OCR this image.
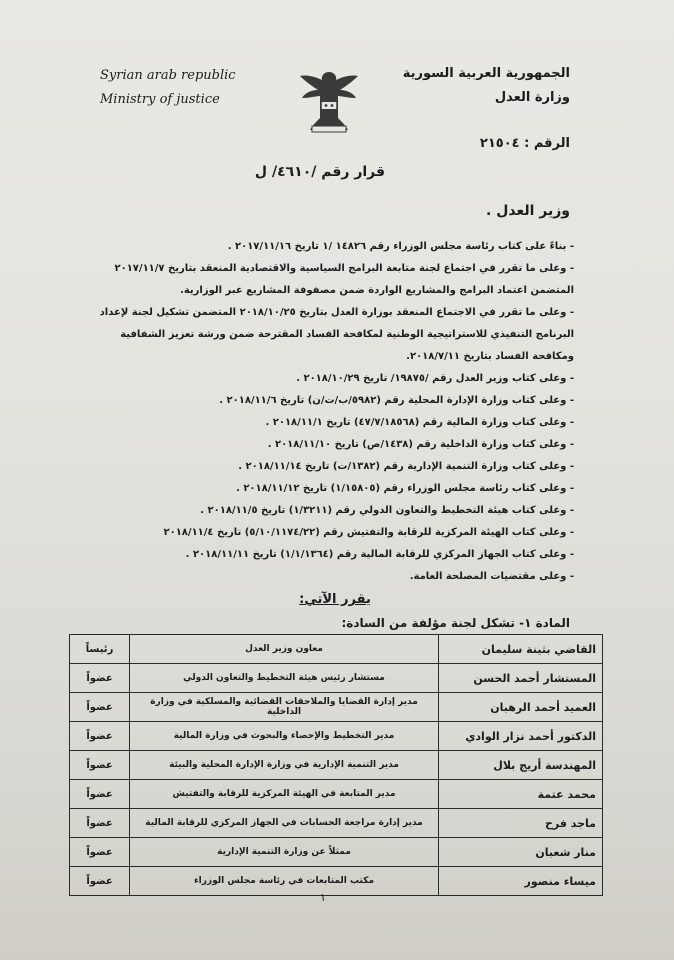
Syrian arab republic
Ministry of justice
الجمهورية العربية السورية
وزارة العدل
الرقم : ٢١٥٠٤
قرار رقم /٤٦١٠/ ل
وزير العدل .

- بناءً على كتاب رئاسة مجلس الوزراء رقم ١٤٨٢٦ /١ تاريخ ٢٠١٧/١١/١٦ .

- وعلى ما تقرر في اجتماع لجنة متابعة البرامج السياسية والاقتصادية المنعقد بتاريخ ٢٠١٧/١١/٧ المتضمن اعتماد البرامج والمشاريع الواردة ضمن مصفوفة المشاريع عبر الوزارية.

- وعلى ما تقرر في الاجتماع المنعقد بوزارة العدل بتاريخ ٢٠١٨/١٠/٢٥ المتضمن تشكيل لجنة لإعداد البرنامج التنفيذي للاستراتيجية الوطنية لمكافحة الفساد المقترحة ضمن ورشة تعزيز الشفافية ومكافحة الفساد بتاريخ ٢٠١٨/٧/١١.

- وعلى كتاب وزير العدل رقم /١٩٨٧٥/ تاريخ ٢٠١٨/١٠/٢٩ .

- وعلى كتاب وزارة الإدارة المحلية رقم (٥٩٨٢/ب/ت/ن) تاريخ ٢٠١٨/١١/٦ .

- وعلى كتاب وزارة المالية رقم (٤٧/٧/١٨٥٦٨) تاريخ ٢٠١٨/١١/١ .

- وعلى كتاب وزارة الداخلية رقم (١٤٣٨/ص) تاريخ ٢٠١٨/١١/١٠ .

- وعلى كتاب وزارة التنمية الإدارية رقم (١٣٨٢/ت) تاريخ ٢٠١٨/١١/١٤ .

- وعلى كتاب رئاسة مجلس الوزراء رقم (١/١٥٨٠٥) تاريخ ٢٠١٨/١١/١٢ .

- وعلى كتاب هيئة التخطيط والتعاون الدولي رقم (١/٣٢١١) تاريخ ٢٠١٨/١١/٥ .

- وعلى كتاب الهيئة المركزية للرقابة والتفتيش رقم (٥/١٠/١١٧٤/٢٢) تاريخ ٢٠١٨/١١/٤

- وعلى كتاب الجهاز المركزي للرقابة المالية رقم (١/١/١٣٦٤) تاريخ ٢٠١٨/١١/١١ .

- وعلى مقتضيات المصلحة العامة.

يقرر الآتي:
المادة ١- تشكل لجنة مؤلفة من السادة:
القاضي بثينة سليمان	معاون وزير العدل	رئيساً
المستشار أحمد الحسن	مستشار رئيس هيئة التخطيط والتعاون الدولي	عضواً
العميد أحمد الرهبان	مدير إدارة القضايا والملاحقات القضائية والمسلكية في وزارة الداخلية	عضواً
الدكتور أحمد نزار الوادي	مدير التخطيط والإحصاء والبحوث في وزارة المالية	عضواً
المهندسة أريج بلال	مدير التنمية الإدارية في وزارة الإدارة المحلية والبيئة	عضواً
محمد عتمة	مدير المتابعة في الهيئة المركزية للرقابة والتفتيش	عضواً
ماجد فرح	مدير إدارة مراجعة الحسابات في الجهاز المركزي للرقابة المالية	عضواً
منار شعبان	ممثلاً عن وزارة التنمية الإدارية	عضواً
ميساء منصور	مكتب المتابعات في رئاسة مجلس الوزراء	عضواً
١
